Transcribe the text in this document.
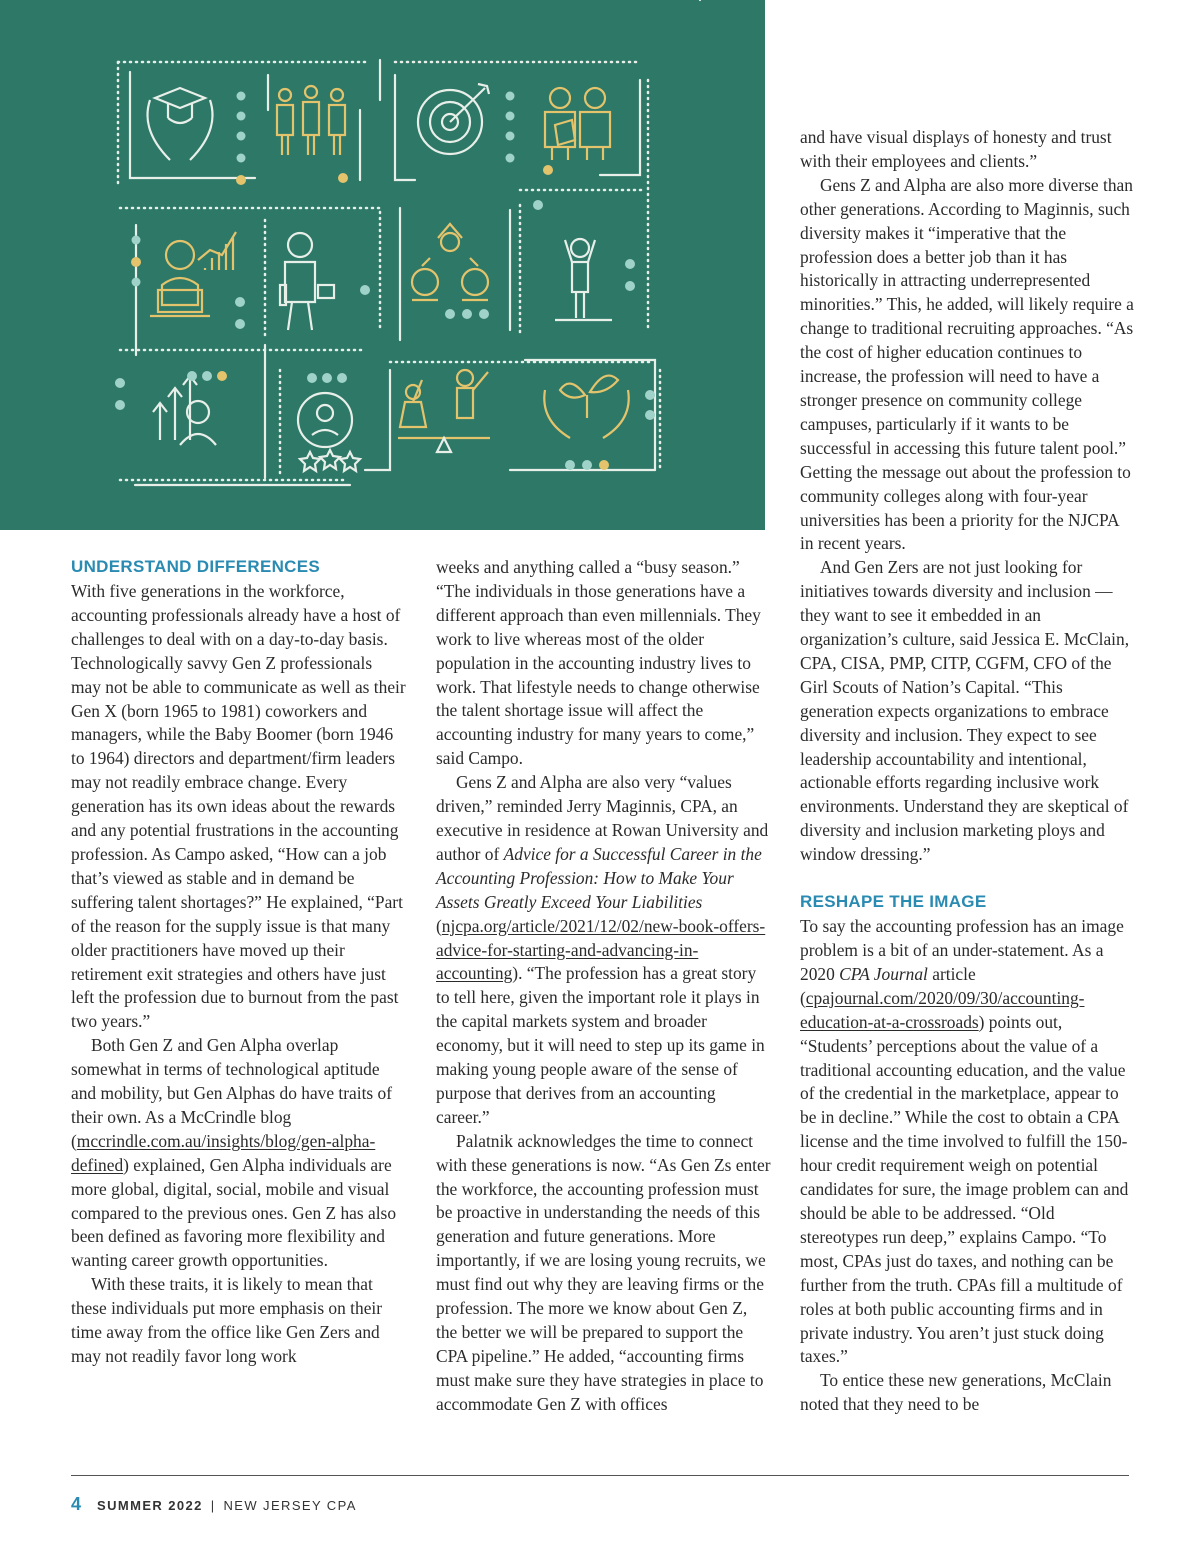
UNDERSTAND DIFFERENCES

With five generations in the workforce, accounting professionals already have a host of challenges to deal with on a day-to-day basis. Technologically savvy Gen Z professionals may not be able to communicate as well as their Gen X (born 1965 to 1981) coworkers and managers, while the Baby Boomer (born 1946 to 1964) directors and department/firm leaders may not readily embrace change. Every generation has its own ideas about the rewards and any potential frustrations in the accounting profession. As Campo asked, “How can a job that’s viewed as stable and in demand be suffering talent shortages?” He explained, “Part of the reason for the supply issue is that many older practitioners have moved up their retirement exit strategies and others have just left the profession due to burnout from the past two years.”

Both Gen Z and Gen Alpha overlap somewhat in terms of technological aptitude and mobility, but Gen Alphas do have traits of their own. As a McCrindle blog (mccrindle.com.au/insights/blog/gen-alpha-defined) explained, Gen Alpha individuals are more global, digital, social, mobile and visual compared to the previous ones. Gen Z has also been defined as favoring more flexibility and wanting career growth opportunities.

With these traits, it is likely to mean that these individuals put more emphasis on their time away from the office like Gen Zers and may not readily favor long work

weeks and anything called a “busy season.” “The individuals in those generations have a different approach than even millennials. They work to live whereas most of the older population in the accounting industry lives to work. That lifestyle needs to change otherwise the talent shortage issue will affect the accounting industry for many years to come,” said Campo.

Gens Z and Alpha are also very “values driven,” reminded Jerry Maginnis, CPA, an executive in residence at Rowan University and author of Advice for a Successful Career in the Accounting Profession: How to Make Your Assets Greatly Exceed Your Liabilities (njcpa.org/article/2021/12/02/new-book-offers-advice-for-starting-and-advancing-in-accounting). “The profession has a great story to tell here, given the important role it plays in the capital markets system and broader economy, but it will need to step up its game in making young people aware of the sense of purpose that derives from an accounting career.”

Palatnik acknowledges the time to connect with these generations is now. “As Gen Zs enter the workforce, the accounting profession must be proactive in understanding the needs of this generation and future generations. More importantly, if we are losing young recruits, we must find out why they are leaving firms or the profession. The more we know about Gen Z, the better we will be prepared to support the CPA pipeline.” He added, “accounting firms must make sure they have strategies in place to accommodate Gen Z with offices

and have visual displays of honesty and trust with their employees and clients.”

Gens Z and Alpha are also more diverse than other generations. According to Maginnis, such diversity makes it “imperative that the profession does a better job than it has historically in attracting underrepresented minorities.” This, he added, will likely require a change to traditional recruiting approaches. “As the cost of higher education continues to increase, the profession will need to have a stronger presence on community college campuses, particularly if it wants to be successful in accessing this future talent pool.” Getting the message out about the profession to community colleges along with four-year universities has been a priority for the NJCPA in recent years.

And Gen Zers are not just looking for initiatives towards diversity and inclusion — they want to see it embedded in an organization’s culture, said Jessica E. McClain, CPA, CISA, PMP, CITP, CGFM, CFO of the Girl Scouts of Nation’s Capital. “This generation expects organizations to embrace diversity and inclusion. They expect to see leadership accountability and intentional, actionable efforts regarding inclusive work environments. Understand they are skeptical of diversity and inclusion marketing ploys and window dressing.”

RESHAPE THE IMAGE

To say the accounting profession has an image problem is a bit of an under-statement. As a 2020 CPA Journal article (cpajournal.com/2020/09/30/accounting-education-at-a-crossroads) points out, “Students’ perceptions about the value of a traditional accounting education, and the value of the credential in the marketplace, appear to be in decline.” While the cost to obtain a CPA license and the time involved to fulfill the 150-hour credit requirement weigh on potential candidates for sure, the image problem can and should be able to be addressed. “Old stereotypes run deep,” explains Campo. “To most, CPAs just do taxes, and nothing can be further from the truth. CPAs fill a multitude of roles at both public accounting firms and in private industry. You aren’t just stuck doing taxes.”

To entice these new generations, McClain noted that they need to be

4 SUMMER 2022 | NEW JERSEY CPA
